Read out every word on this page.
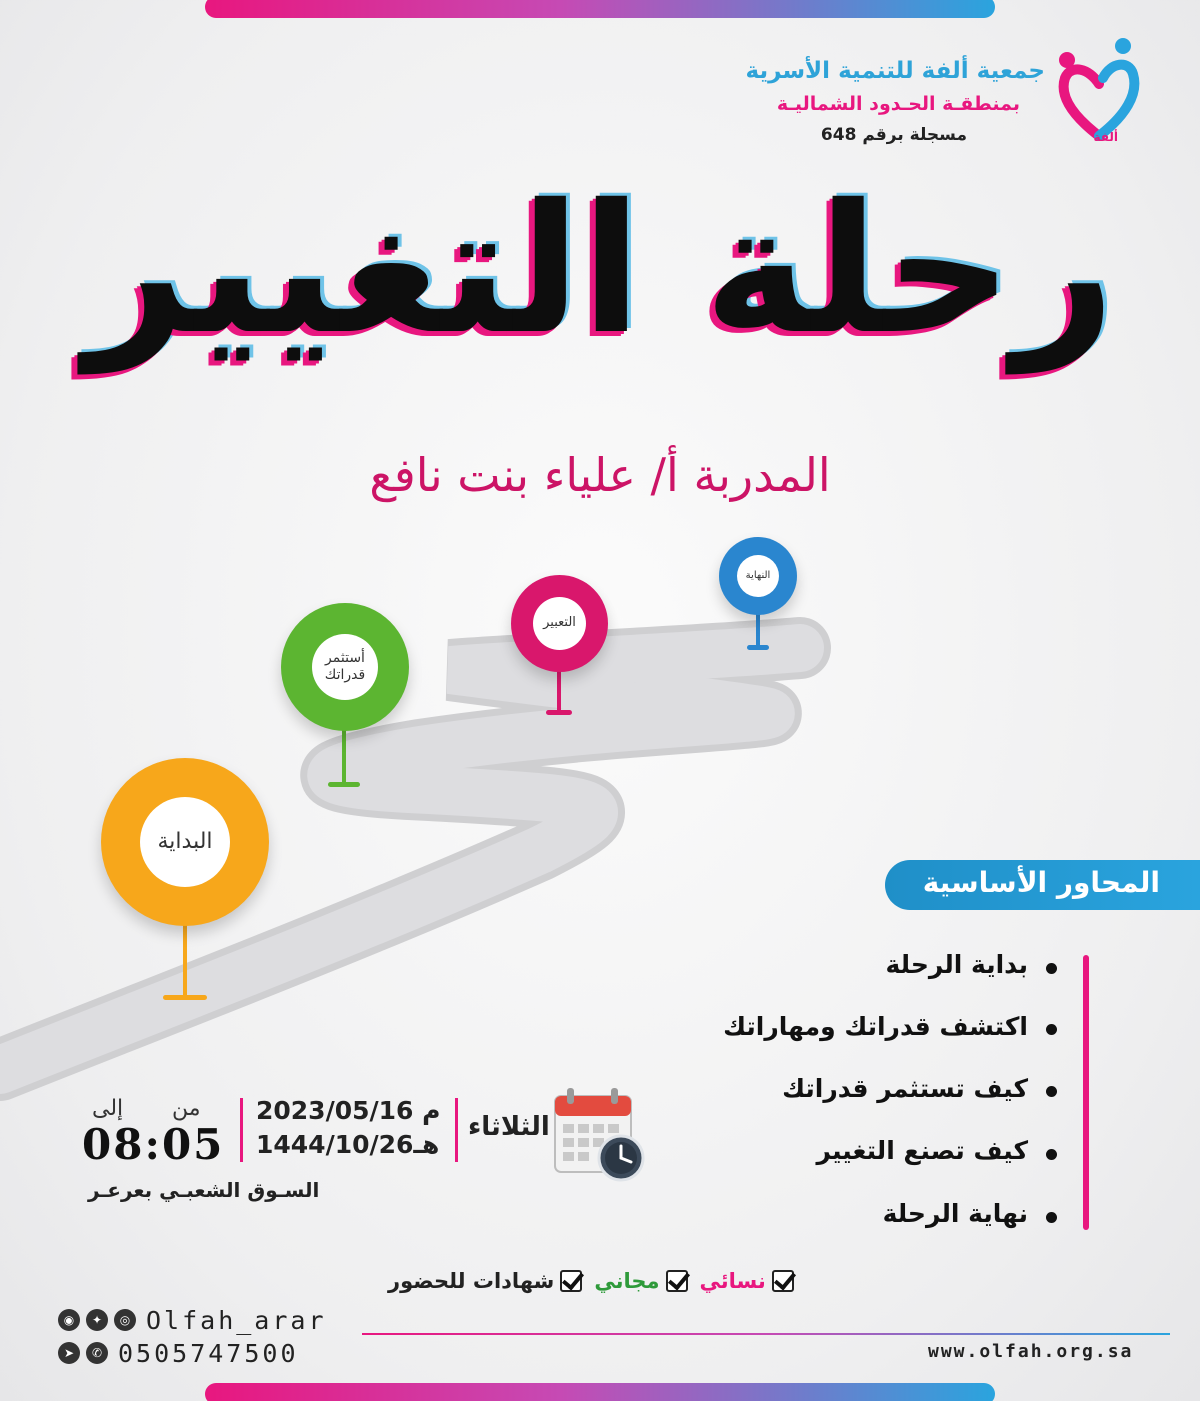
جمعية ألفة للتنمية الأسرية
بمنطقـة الحـدود الشماليـة
مسجلة برقم 648	ألفة
رحلة التغيير
المدربة أ/ علياء بنت نافع
البداية
أستثمر قدراتك
التعبير
النهاية
المحاور الأساسية
بداية الرحلة
اكتشف قدراتك ومهاراتك
كيف تستثمر قدراتك
كيف تصنع التغيير
نهاية الرحلة
الثلاثاء
2023/05/16 م
1444/10/26هـ
من
إلى
08:05
السـوق الشعبـي بعرعـر
شهادات للحضور مجاني نسائي
www.olfah.org.sa
◉	✦	◎ Olfah_arar
➤	✆ 0505747500
